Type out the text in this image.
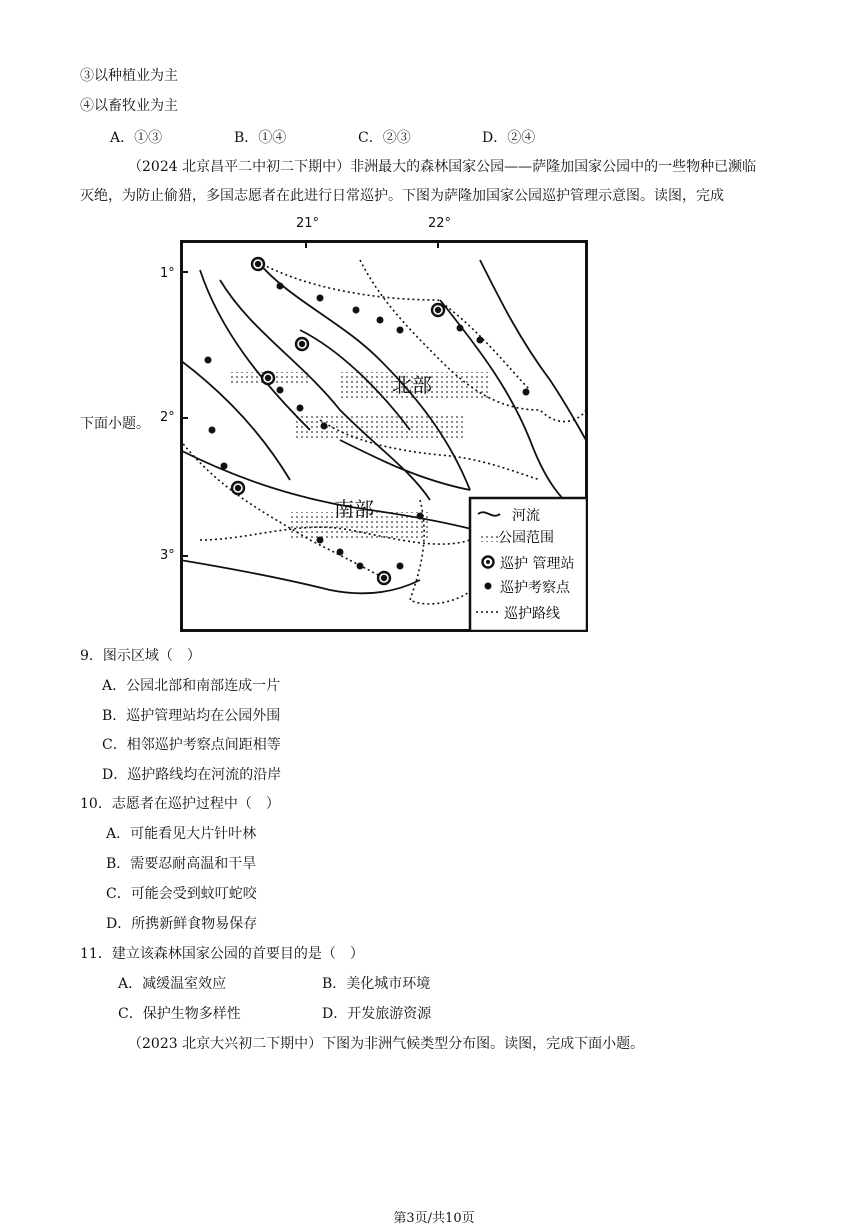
③以种植业为主
④以畜牧业为主
A．①③	B．①④	C．②③	D．②④
（2024 北京昌平二中初二下期中）非洲最大的森林国家公园——萨隆加国家公园中的一些物种已濒临
灭绝，为防止偷猎，多国志愿者在此进行日常巡护。下图为萨隆加国家公园巡护管理示意图。读图，完成
下面小题。
21°	22°
1°
2°
3°
北部
南部	河流
公园范围
巡护 管理站
巡护考察点
巡护路线
9．图示区域（　）
A．公园北部和南部连成一片
B．巡护管理站均在公园外围
C．相邻巡护考察点间距相等
D．巡护路线均在河流的沿岸
10．志愿者在巡护过程中（　）
A．可能看见大片针叶林
B．需要忍耐高温和干旱
C．可能会受到蚊叮蛇咬
D．所携新鲜食物易保存
11．建立该森林国家公园的首要目的是（　）
A．减缓温室效应	B．美化城市环境
C．保护生物多样性	D．开发旅游资源
（2023 北京大兴初二下期中）下图为非洲气候类型分布图。读图，完成下面小题。
第3页/共10页
